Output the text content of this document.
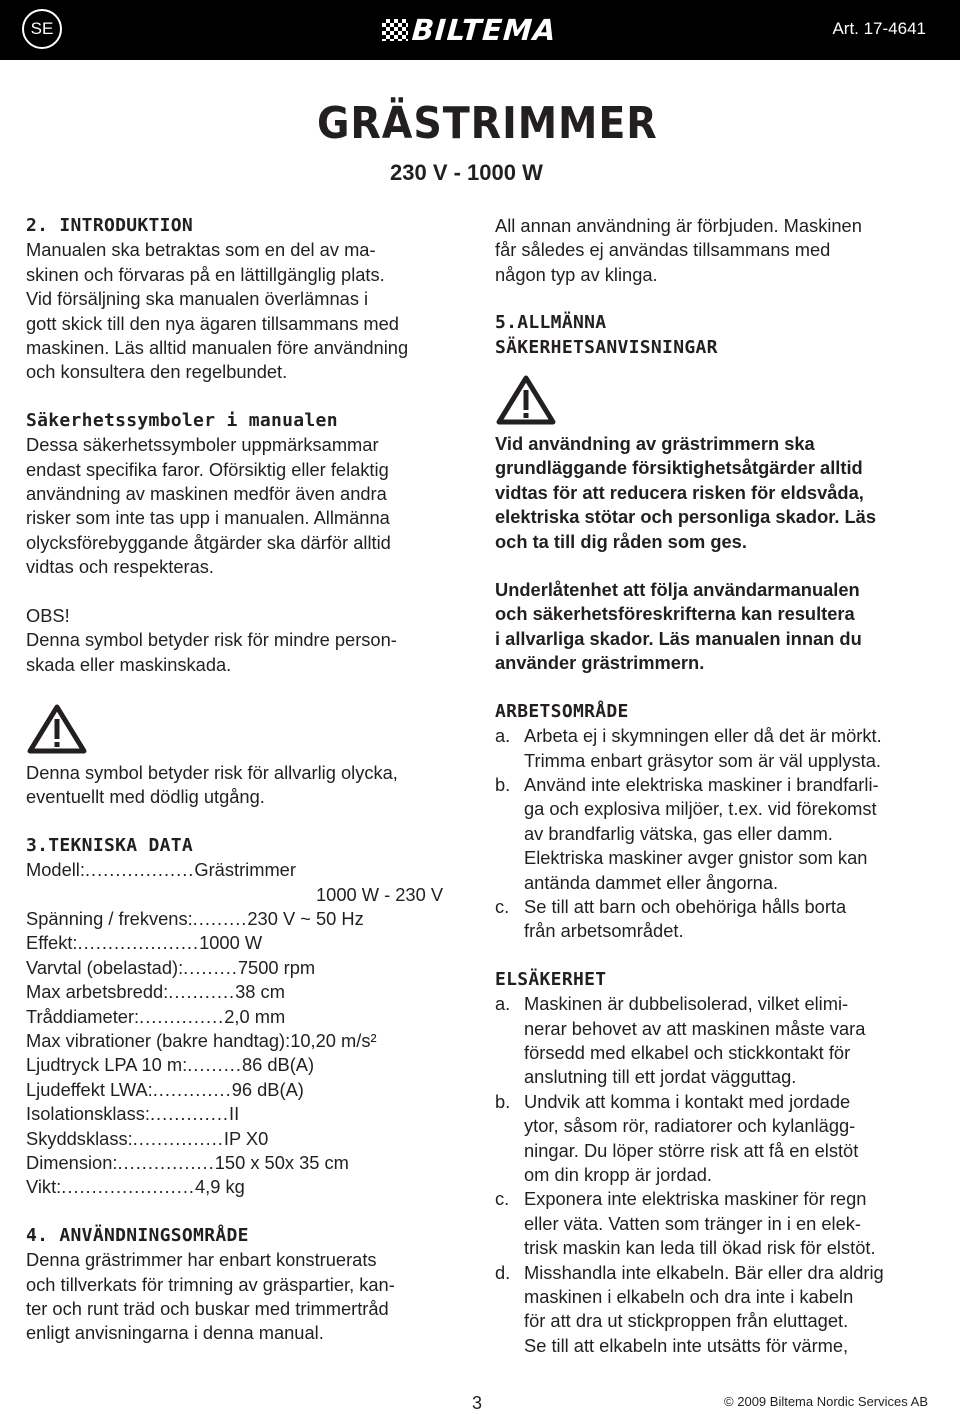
SE	BILTEMA	Art. 17-4641
GRÄSTRIMMER
230 V - 1000 W
2. INTRODUKTION
Manualen ska betraktas som en del av ma-
skinen och förvaras på en lättillgänglig plats.
Vid försäljning ska manualen överlämnas i
gott skick till den nya ägaren tillsammans med
maskinen. Läs alltid manualen före användning
och konsultera den regelbundet.
Säkerhetssymboler i manualen
Dessa säkerhetssymboler uppmärksammar
endast specifika faror. Oförsiktig eller felaktig
användning av maskinen medför även andra
risker som inte tas upp i manualen. Allmänna
olycksförebyggande åtgärder ska därför alltid
vidtas och respekteras.
OBS!
Denna symbol betyder risk för mindre person-
skada eller maskinskada.
Denna symbol betyder risk för allvarlig olycka,
eventuellt med dödlig utgång.
3.TEKNISKA DATA
Modell: .................. Grästrimmer
1000 W - 230 V
Spänning / frekvens: ......... 230 V ~ 50 Hz
Effekt: .................... 1000 W
Varvtal (obelastad): ......... 7500 rpm
Max arbetsbredd: ........... 38 cm
Tråddiameter: .............. 2,0 mm
Max vibrationer (bakre handtag): 10,20 m/s²
Ljudtryck LPA 10 m: ......... 86 dB(A)
Ljudeffekt LWA: ............. 96 dB(A)
Isolationsklass: ............. II
Skyddsklass: ............... IP X0
Dimension: ................ 150 x 50x 35 cm
Vikt: ...................... 4,9 kg
4. ANVÄNDNINGSOMRÅDE
Denna grästrimmer har enbart konstruerats
och tillverkats för trimning av gräspartier, kan-
ter och runt träd och buskar med trimmertråd
enligt anvisningarna i denna manual.
All annan användning är förbjuden. Maskinen
får således ej användas tillsammans med
någon typ av klinga.
5.ALLMÄNNA
SÄKERHETSANVISNINGAR
Vid användning av grästrimmern ska
grundläggande försiktighetsåtgärder alltid
vidtas för att reducera risken för eldsvåda,
elektriska stötar och personliga skador. Läs
och ta till dig råden som ges.
Underlåtenhet att följa användarmanualen
och säkerhetsföreskrifterna kan resultera
i allvarliga skador. Läs manualen innan du
använder grästrimmern.
ARBETSOMRÅDE
a. Arbeta ej i skymningen eller då det är mörkt.
Trimma enbart gräsytor som är väl upplysta.
b. Använd inte elektriska maskiner i brandfarli-
ga och explosiva miljöer, t.ex. vid förekomst
av brandfarlig vätska, gas eller damm.
Elektriska maskiner avger gnistor som kan
antända dammet eller ångorna.
c. Se till att barn och obehöriga hålls borta
från arbetsområdet.
ELSÄKERHET
a. Maskinen är dubbelisolerad, vilket elimi-
nerar behovet av att maskinen måste vara
försedd med elkabel och stickkontakt för
anslutning till ett jordat vägguttag.
b. Undvik att komma i kontakt med jordade
ytor, såsom rör, radiatorer och kylanlägg-
ningar. Du löper större risk att få en elstöt
om din kropp är jordad.
c. Exponera inte elektriska maskiner för regn
eller väta. Vatten som tränger in i en elek-
trisk maskin kan leda till ökad risk för elstöt.
d. Misshandla inte elkabeln. Bär eller dra aldrig
maskinen i elkabeln och dra inte i kabeln
för att dra ut stickproppen från eluttaget.
Se till att elkabeln inte utsätts för värme,
3	© 2009 Biltema Nordic Services AB
